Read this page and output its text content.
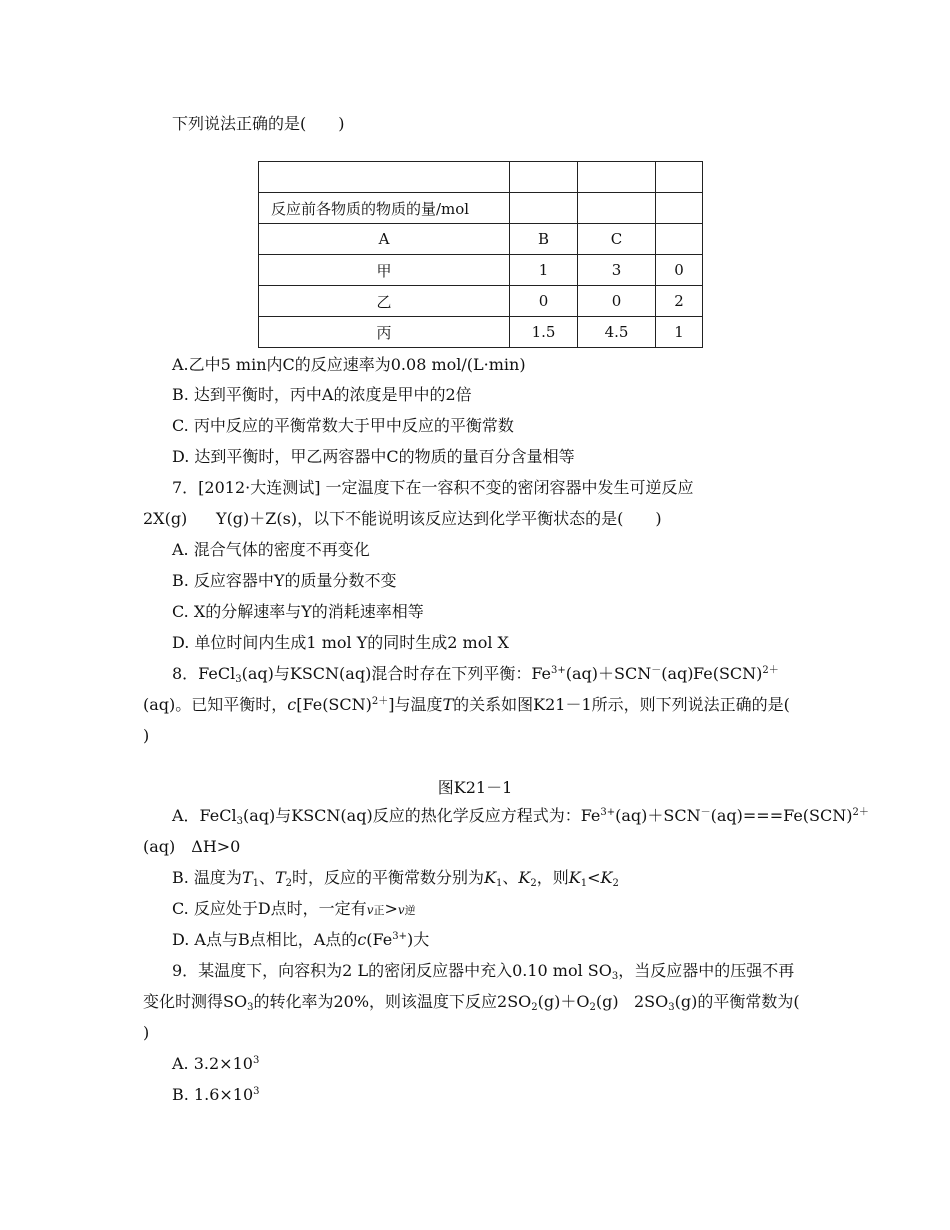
下列说法正确的是(　　)

反应前各物质的物质的量/mol			
A	B	C	
甲	1	3	0
乙	0	0	2
丙	1.5	4.5	1
A.乙中5 min内C的反应速率为0.08 mol/(L·min)
B. 达到平衡时，丙中A的浓度是甲中的2倍
C. 丙中反应的平衡常数大于甲中反应的平衡常数
D. 达到平衡时，甲乙两容器中C的物质的量百分含量相等
7．[2012·大连测试] 一定温度下在一容积不变的密闭容器中发生可逆反应
2X(g) Y(g)＋Z(s)，以下不能说明该反应达到化学平衡状态的是(　　)
A. 混合气体的密度不再变化
B. 反应容器中Y的质量分数不变
C. X的分解速率与Y的消耗速率相等
D. 单位时间内生成1 mol Y的同时生成2 mol X
8．FeCl$_3$(aq)与KSCN(aq)混合时存在下列平衡：$Fe^{3+}(aq)+SCN^-(aq)$ Fe(SCN)$^{2+}$
(aq)。已知平衡时，c[Fe(SCN)$^{2+}$]与温度T的关系如图K21－1所示，则下列说法正确的是(
)
图K21－1
A．FeCl$_3$(aq)与KSCN(aq)反应的热化学反应方程式为：$Fe^{3+}(aq)+SCN^-(aq)===Fe(SCN)^{2+}$
(aq)　ΔH>0
B. 温度为$T_1$、$T_2$时，反应的平衡常数分别为$K_1$、$K_2$，则$K_1<K_2$
C. 反应处于D点时，一定有v正>v逆
D. A点与B点相比，A点的$c(Fe^{3+})$大
9．某温度下，向容积为2 L的密闭反应器中充入0.10 mol $SO_3$，当反应器中的压强不再
变化时测得$SO_3$的转化率为20%，则该温度下反应$2SO_2(g)+O_2(g)$ $2SO_3(g)$的平衡常数为(
)
A. $3.2\times 10^3$
B. $1.6\times 10^3$
